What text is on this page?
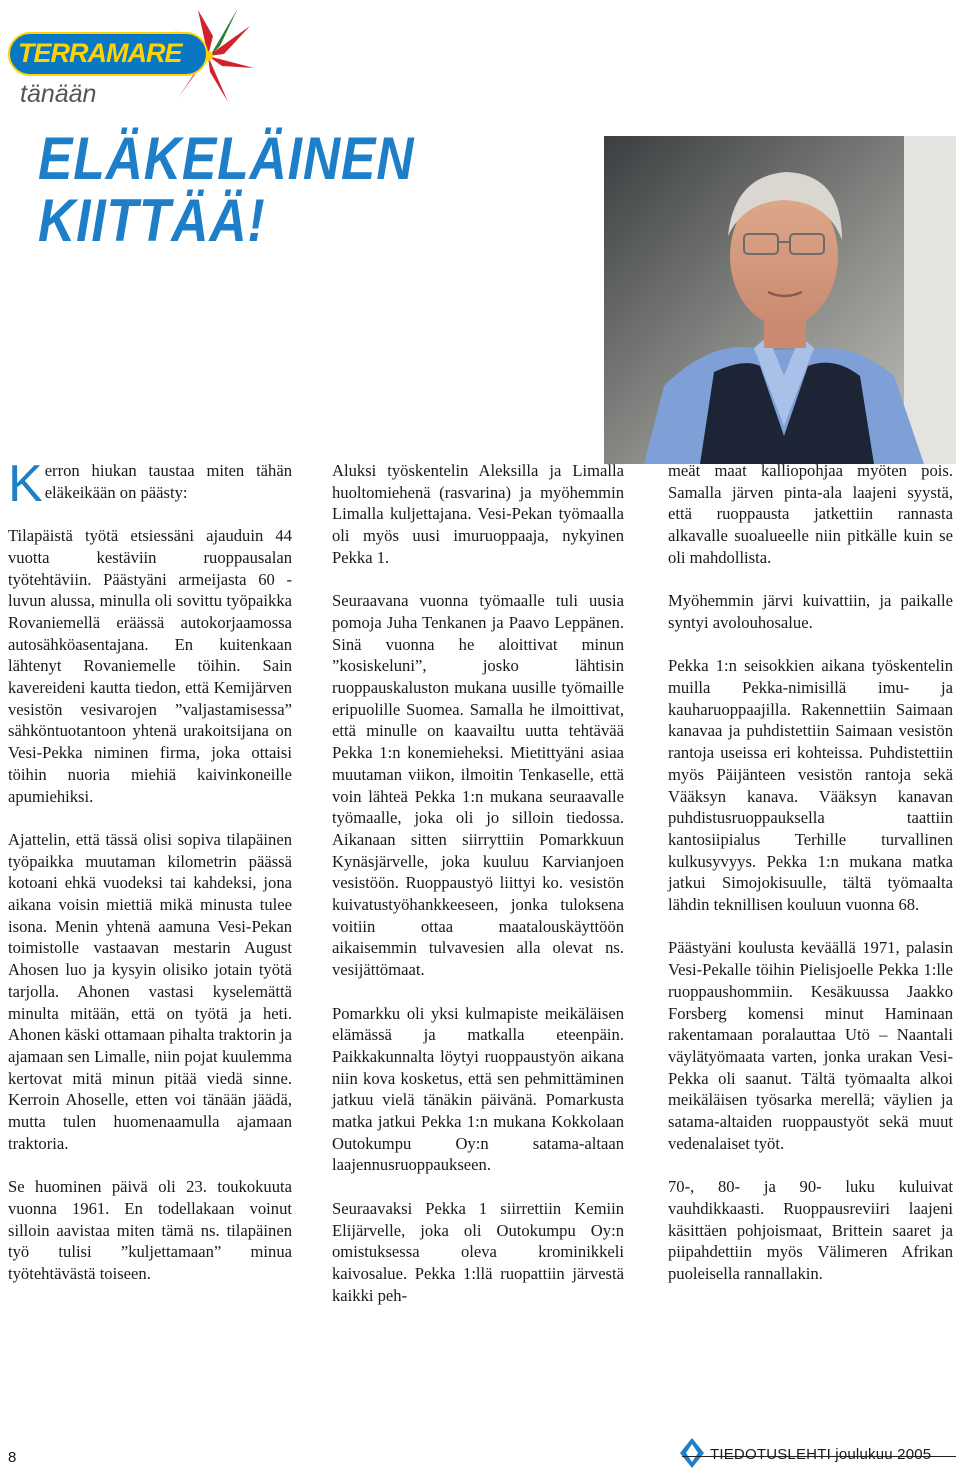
TERRAMARE
tänään
ELÄKELÄINEN
KIITTÄÄ!

Kerron hiukan taustaa miten tähän eläkeikään on päästy:

Tilapäistä työtä etsiessäni ajauduin 44 vuotta kestäviin ruoppausalan työtehtäviin. Päästyäni armeijasta 60 - luvun alussa, minulla oli sovittu työpaikka Rovaniemellä eräässä autokorjaamossa autosähköasentajana. En kuitenkaan lähtenyt Rovaniemelle töihin. Sain kavereideni kautta tiedon, että Kemijärven vesistön vesivarojen ”valjastamisessa” sähköntuotantoon yhtenä urakoitsijana on Vesi-Pekka niminen firma, joka ottaisi töihin nuoria miehiä kaivinkoneille apumiehiksi.

Ajattelin, että tässä olisi sopiva tilapäinen työpaikka muutaman kilometrin päässä kotoani ehkä vuodeksi tai kahdeksi, jona aikana voisin miettiä mikä minusta tulee isona. Menin yhtenä aamuna Vesi-Pekan toimistolle vastaavan mestarin August Ahosen luo ja kysyin olisiko jotain työtä tarjolla. Ahonen vastasi kyselemättä minulta mitään, että on työtä ja heti. Ahonen käski ottamaan pihalta traktorin ja ajamaan sen Limalle, niin pojat kuulemma kertovat mitä minun pitää viedä sinne. Kerroin Ahoselle, etten voi tänään jäädä, mutta tulen huomenaamulla ajamaan traktoria.

Se huominen päivä oli 23. toukokuuta vuonna 1961. En todellakaan voinut silloin aavistaa miten tämä ns. tilapäinen työ tulisi ”kuljettamaan” minua työtehtävästä toiseen.

Aluksi työskentelin Aleksilla ja Limalla huoltomiehenä (rasvarina) ja myöhemmin Limalla kuljettajana. Vesi-Pekan työmaalla oli myös uusi imuruoppaaja, nykyinen Pekka 1.

Seuraavana vuonna työmaalle tuli uusia pomoja Juha Tenkanen ja Paavo Leppänen. Sinä vuonna he aloittivat minun ”kosiskeluni”, josko lähtisin ruoppauskaluston mukana uusille työmaille eripuolille Suomea. Samalla he ilmoittivat, että minulle on kaavailtu uutta tehtävää Pekka 1:n konemieheksi. Mietittyäni asiaa muutaman viikon, ilmoitin Tenkaselle, että voin lähteä Pekka 1:n mukana seuraavalle työmaalle, joka oli jo silloin tiedossa. Aikanaan sitten siirryttiin Pomarkkuun Kynäsjärvelle, joka kuuluu Karvianjoen vesistöön. Ruoppaustyö liittyi ko. vesistön kuivatustyöhankkeeseen, jonka tuloksena voitiin ottaa maatalouskäyttöön aikaisemmin tulvavesien alla olevat ns. vesijättömaat.

Pomarkku oli yksi kulmapiste meikäläisen elämässä ja matkalla eteenpäin. Paikkakunnalta löytyi ruoppaustyön aikana niin kova kosketus, että sen pehmittäminen jatkuu vielä tänäkin päivänä. Pomarkusta matka jatkui Pekka 1:n mukana Kokkolaan Outokumpu Oy:n satama-altaan laajennusruoppaukseen.

Seuraavaksi Pekka 1 siirrettiin Kemiin Elijärvelle, joka oli Outokumpu Oy:n omistuksessa oleva krominikkeli kaivosalue. Pekka 1:llä ruopattiin järvestä kaikki peh-

meät maat kalliopohjaa myöten pois. Samalla järven pinta-ala laajeni syystä, että ruoppausta jatkettiin rannasta alkavalle suoalueelle niin pitkälle kuin se oli mahdollista.

Myöhemmin järvi kuivattiin, ja paikalle syntyi avolouhosalue.

Pekka 1:n seisokkien aikana työskentelin muilla Pekka-nimisillä imu- ja kauharuoppaajilla. Rakennettiin Saimaan kanavaa ja puhdistettiin Saimaan vesistön rantoja useissa eri kohteissa. Puhdistettiin myös Päijänteen vesistön rantoja sekä Vääksyn kanava. Vääksyn kanavan puhdistusruoppauksella taattiin kantosiipialus Terhille turvallinen kulkusyvyys. Pekka 1:n mukana matka jatkui Simojokisuulle, tältä työmaalta lähdin teknillisen kouluun vuonna 68.

Päästyäni koulusta keväällä 1971, palasin Vesi-Pekalle töihin Pielisjoelle Pekka 1:lle ruoppaushommiin. Kesäkuussa Jaakko Forsberg komensi minut Haminaan rakentamaan poralauttaa Utö – Naantali väylätyömaata varten, jonka urakan Vesi-Pekka oli saanut. Tältä työmaalta alkoi meikäläisen työsarka merellä; väylien ja satama-altaiden ruoppaustyöt sekä muut vedenalaiset työt.

70-, 80- ja 90- luku kuluivat vauhdikkaasti. Ruoppausreviiri laajeni käsittäen pohjoismaat, Brittein saaret ja piipahdettiin myös Välimeren Afrikan puoleisella rannallakin.

8	TIEDOTUSLEHTI joulukuu 2005
